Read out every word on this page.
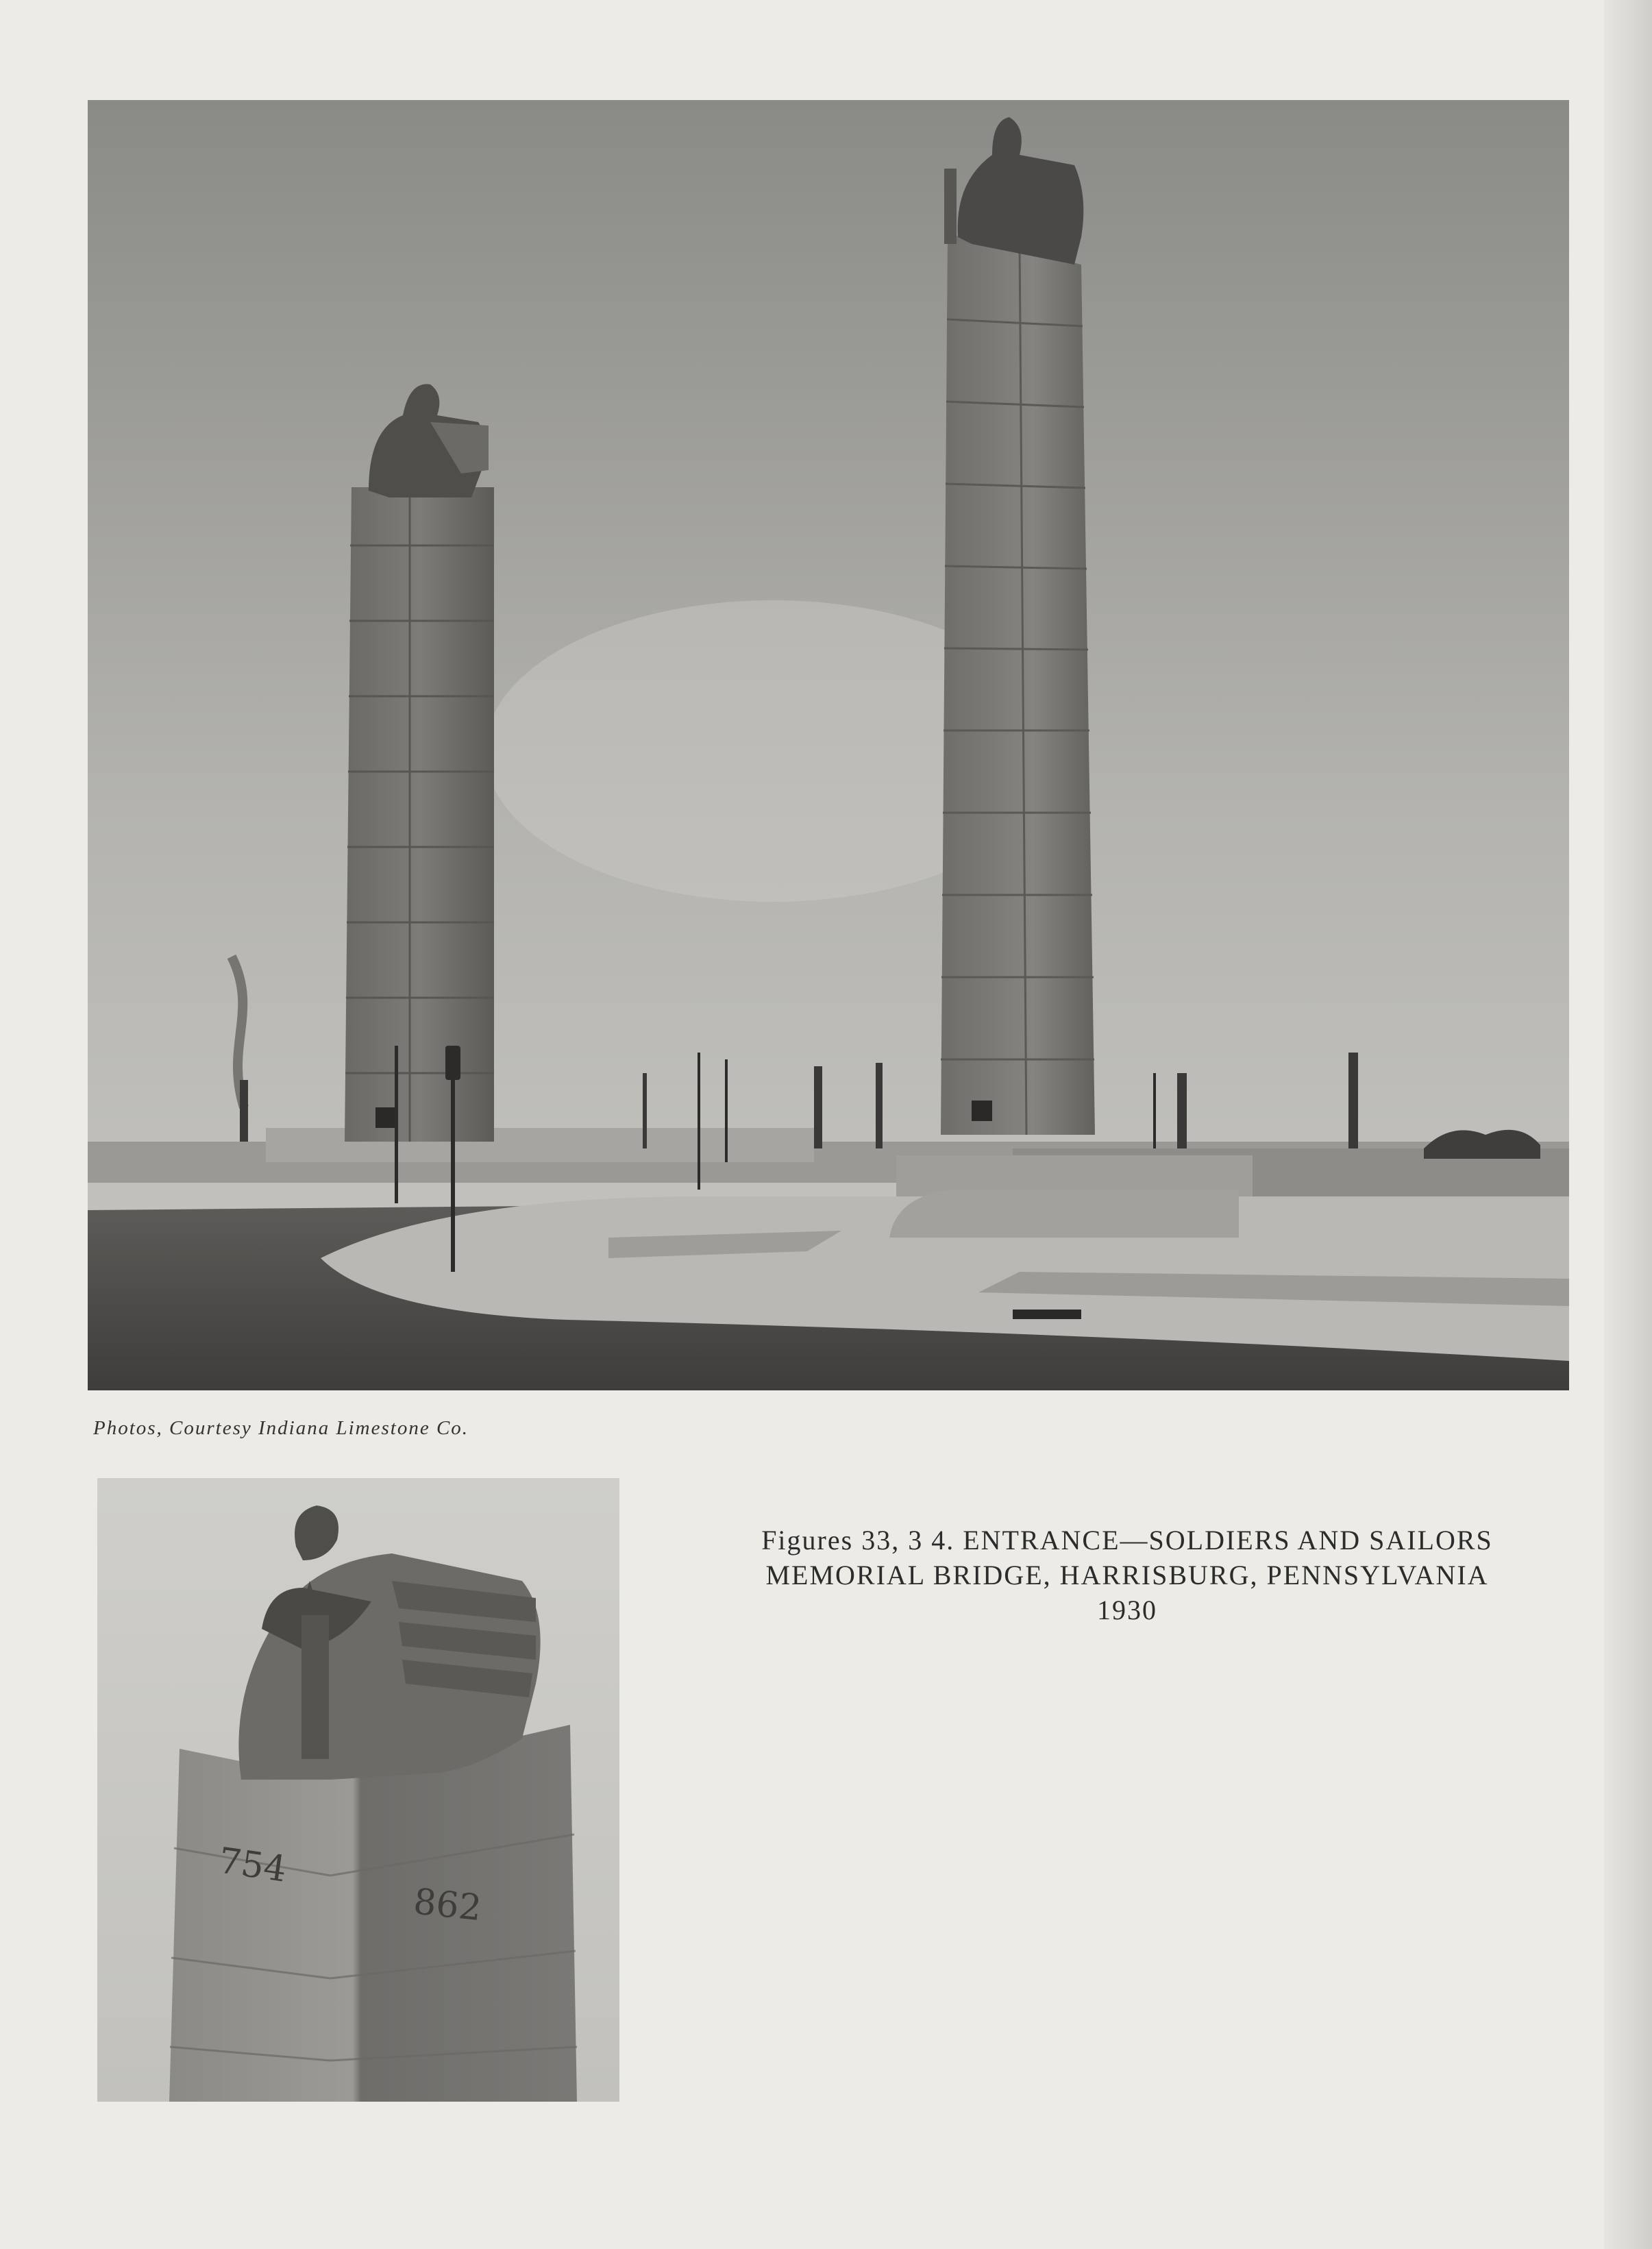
Photos, Courtesy Indiana Limestone Co.
754
862
Figures 33, 3 4. ENTRANCE—SOLDIERS AND SAILORS
MEMORIAL BRIDGE, HARRISBURG, PENNSYLVANIA
1930
